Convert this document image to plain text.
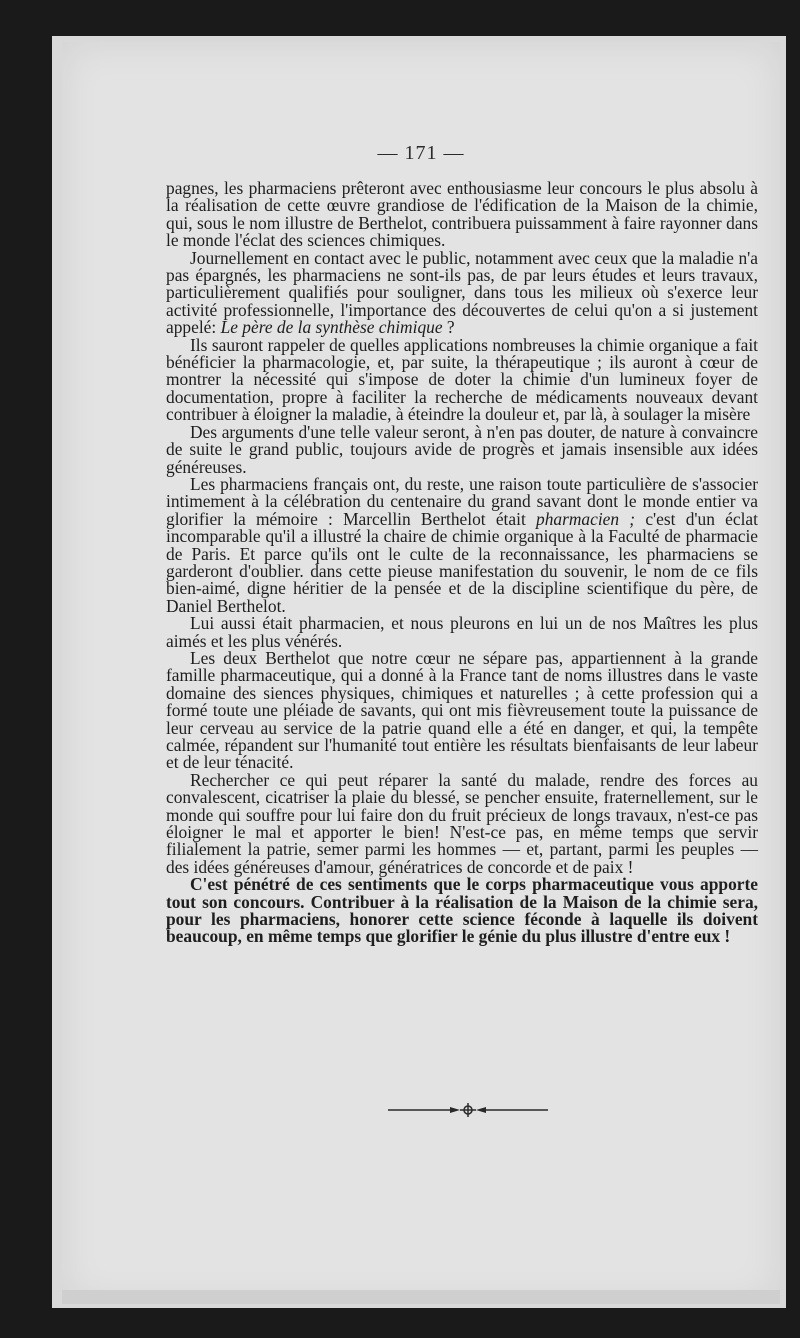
— 171 —

pagnes, les pharmaciens prêteront avec enthousiasme leur concours le plus absolu à la réalisation de cette œuvre grandiose de l'édification de la Maison de la chimie, qui, sous le nom illustre de Berthelot, contribuera puissamment à faire rayonner dans le monde l'éclat des sciences chimiques.

Journellement en contact avec le public, notamment avec ceux que la maladie n'a pas épargnés, les pharmaciens ne sont-ils pas, de par leurs études et leurs travaux, particulièrement qualifiés pour souligner, dans tous les milieux où s'exerce leur activité professionnelle, l'importance des découvertes de celui qu'on a si justement appelé: Le père de la synthèse chimique ?

Ils sauront rappeler de quelles applications nombreuses la chimie organique a fait bénéficier la pharmacologie, et, par suite, la thérapeutique ; ils auront à cœur de montrer la nécessité qui s'impose de doter la chimie d'un lumineux foyer de documentation, propre à faciliter la recherche de médicaments nouveaux devant contribuer à éloigner la maladie, à éteindre la douleur et, par là, à soulager la misère

Des arguments d'une telle valeur seront, à n'en pas douter, de nature à convaincre de suite le grand public, toujours avide de progrès et jamais insensible aux idées généreuses.

Les pharmaciens français ont, du reste, une raison toute particulière de s'associer intimement à la célébration du centenaire du grand savant dont le monde entier va glorifier la mémoire : Marcellin Berthelot était pharmacien ; c'est d'un éclat incomparable qu'il a illustré la chaire de chimie organique à la Faculté de pharmacie de Paris. Et parce qu'ils ont le culte de la reconnaissance, les pharmaciens se garderont d'oublier. dans cette pieuse manifestation du souvenir, le nom de ce fils bien-aimé, digne héritier de la pensée et de la discipline scientifique du père, de Daniel Berthelot.

Lui aussi était pharmacien, et nous pleurons en lui un de nos Maîtres les plus aimés et les plus vénérés.

Les deux Berthelot que notre cœur ne sépare pas, appartiennent à la grande famille pharmaceutique, qui a donné à la France tant de noms illustres dans le vaste domaine des siences physiques, chimiques et naturelles ; à cette profession qui a formé toute une pléiade de savants, qui ont mis fièvreusement toute la puissance de leur cerveau au service de la patrie quand elle a été en danger, et qui, la tempête calmée, répandent sur l'humanité tout entière les résultats bienfaisants de leur labeur et de leur ténacité.

Rechercher ce qui peut réparer la santé du malade, rendre des forces au convalescent, cicatriser la plaie du blessé, se pencher ensuite, fraternellement, sur le monde qui souffre pour lui faire don du fruit précieux de longs travaux, n'est-ce pas éloigner le mal et apporter le bien! N'est-ce pas, en même temps que servir filialement la patrie, semer parmi les hommes — et, partant, parmi les peuples — des idées généreuses d'amour, génératrices de concorde et de paix !

C'est pénétré de ces sentiments que le corps pharmaceutique vous apporte tout son concours. Contribuer à la réalisation de la Maison de la chimie sera, pour les pharmaciens, honorer cette science féconde à laquelle ils doivent beaucoup, en même temps que glorifier le génie du plus illustre d'entre eux !
